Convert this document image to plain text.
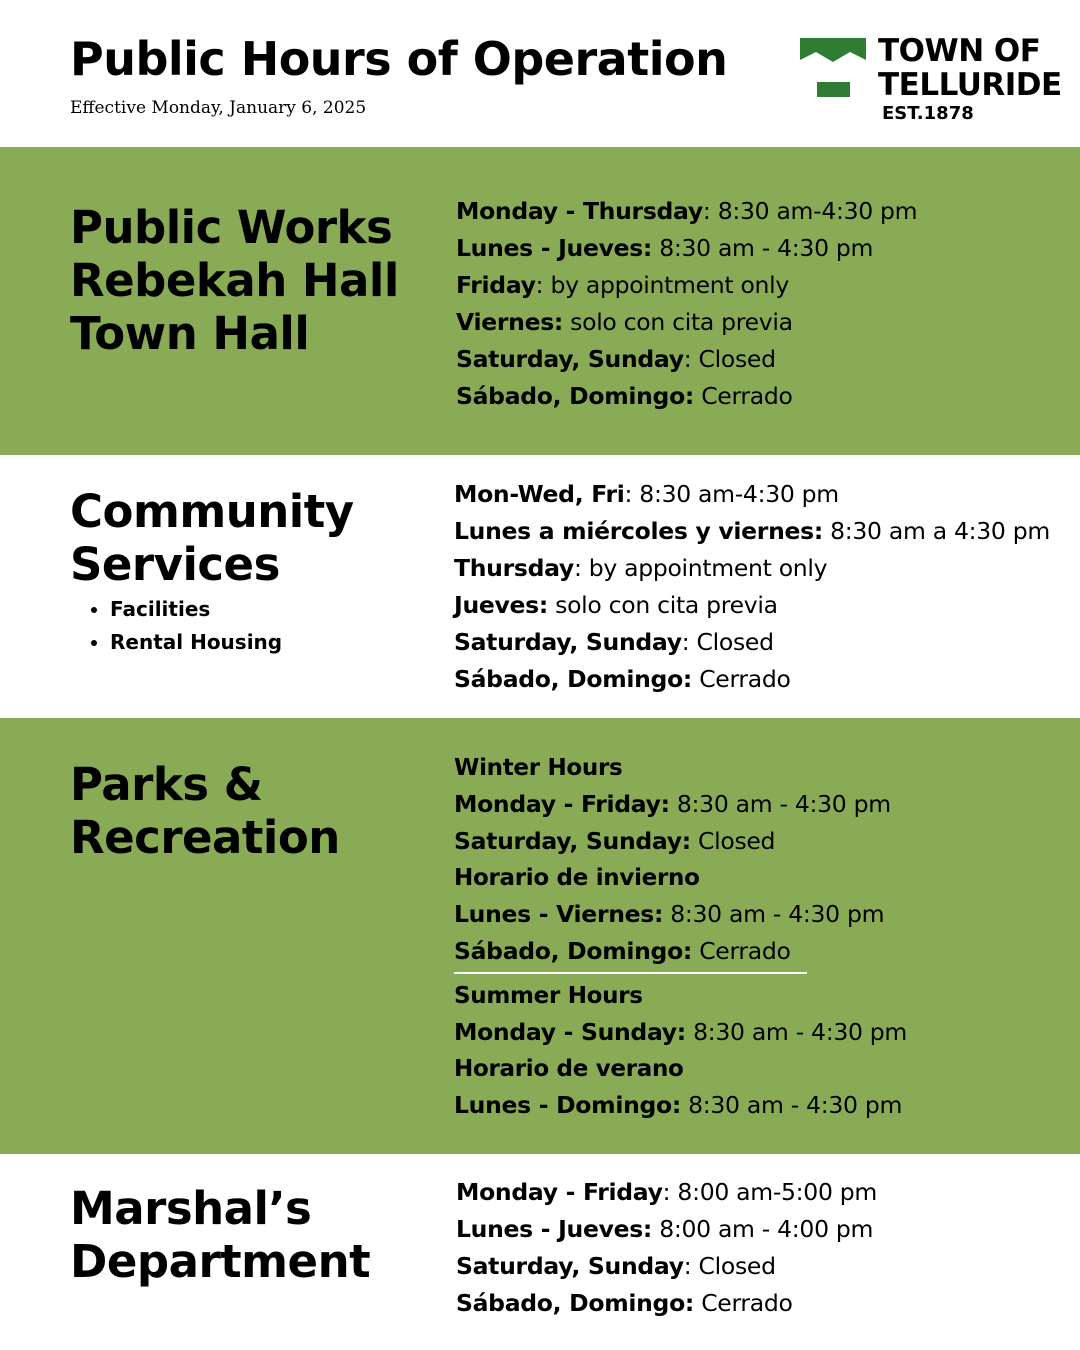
Public Hours of Operation
Effective Monday, January 6, 2025
TOWN OF
TELLURIDE
EST.1878
Public Works
Rebekah Hall
Town Hall
Monday - Thursday: 8:30 am-4:30 pm
Lunes - Jueves: 8:30 am - 4:30 pm
Friday: by appointment only
Viernes: solo con cita previa
Saturday, Sunday: Closed
Sábado, Domingo: Cerrado
Community
Services
• Facilities
• Rental Housing
Mon-Wed, Fri: 8:30 am-4:30 pm
Lunes a miércoles y viernes: 8:30 am a 4:30 pm
Thursday: by appointment only
Jueves: solo con cita previa
Saturday, Sunday: Closed
Sábado, Domingo: Cerrado
Parks &
Recreation
Winter Hours
Monday - Friday: 8:30 am - 4:30 pm
Saturday, Sunday: Closed
Horario de invierno
Lunes - Viernes: 8:30 am - 4:30 pm
Sábado, Domingo: Cerrado
Summer Hours
Monday - Sunday: 8:30 am - 4:30 pm
Horario de verano
Lunes - Domingo: 8:30 am - 4:30 pm
Marshal’s
Department
Monday - Friday: 8:00 am-5:00 pm
Lunes - Jueves: 8:00 am - 4:00 pm
Saturday, Sunday: Closed
Sábado, Domingo: Cerrado
